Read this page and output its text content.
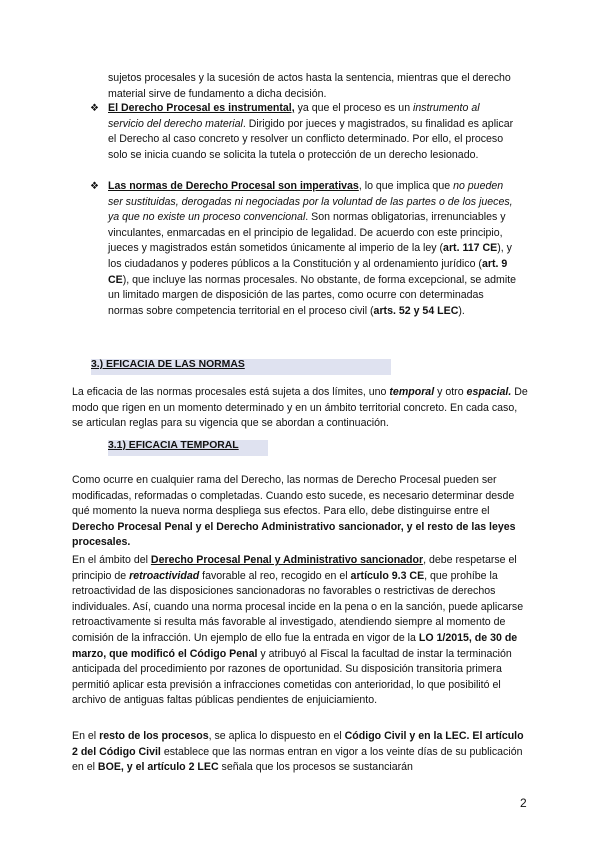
sujetos procesales y la sucesión de actos hasta la sentencia, mientras que el derecho material sirve de fundamento a dicha decisión.

❖ El Derecho Procesal es instrumental, ya que el proceso es un instrumento al servicio del derecho material. Dirigido por jueces y magistrados, su finalidad es aplicar el Derecho al caso concreto y resolver un conflicto determinado. Por ello, el proceso solo se inicia cuando se solicita la tutela o protección de un derecho lesionado.

❖ Las normas de Derecho Procesal son imperativas, lo que implica que no pueden ser sustituidas, derogadas ni negociadas por la voluntad de las partes o de los jueces, ya que no existe un proceso convencional. Son normas obligatorias, irrenunciables y vinculantes, enmarcadas en el principio de legalidad. De acuerdo con este principio, jueces y magistrados están sometidos únicamente al imperio de la ley (art. 117 CE), y los ciudadanos y poderes públicos a la Constitución y al ordenamiento jurídico (art. 9 CE), que incluye las normas procesales. No obstante, de forma excepcional, se admite un limitado margen de disposición de las partes, como ocurre con determinadas normas sobre competencia territorial en el proceso civil (arts. 52 y 54 LEC).

3.) EFICACIA DE LAS NORMAS

La eficacia de las normas procesales está sujeta a dos límites, uno temporal y otro espacial. De modo que rigen en un momento determinado y en un ámbito territorial concreto. En cada caso, se articulan reglas para su vigencia que se abordan a continuación.

3.1) EFICACIA TEMPORAL

Como ocurre en cualquier rama del Derecho, las normas de Derecho Procesal pueden ser modificadas, reformadas o completadas. Cuando esto sucede, es necesario determinar desde qué momento la nueva norma despliega sus efectos. Para ello, debe distinguirse entre el Derecho Procesal Penal y el Derecho Administrativo sancionador, y el resto de las leyes procesales.

En el ámbito del Derecho Procesal Penal y Administrativo sancionador, debe respetarse el principio de retroactividad favorable al reo, recogido en el artículo 9.3 CE, que prohíbe la retroactividad de las disposiciones sancionadoras no favorables o restrictivas de derechos individuales. Así, cuando una norma procesal incide en la pena o en la sanción, puede aplicarse retroactivamente si resulta más favorable al investigado, atendiendo siempre al momento de comisión de la infracción. Un ejemplo de ello fue la entrada en vigor de la LO 1/2015, de 30 de marzo, que modificó el Código Penal y atribuyó al Fiscal la facultad de instar la terminación anticipada del procedimiento por razones de oportunidad. Su disposición transitoria primera permitió aplicar esta previsión a infracciones cometidas con anterioridad, lo que posibilitó el archivo de antiguas faltas públicas pendientes de enjuiciamiento.

En el resto de los procesos, se aplica lo dispuesto en el Código Civil y en la LEC. El artículo 2 del Código Civil establece que las normas entran en vigor a los veinte días de su publicación en el BOE, y el artículo 2 LEC señala que los procesos se sustanciarán

2
